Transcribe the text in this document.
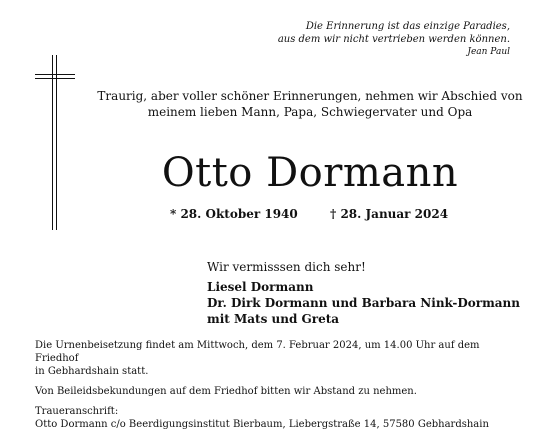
Die Erinnerung ist das einzige Paradies,
aus dem wir nicht vertrieben werden können.
Jean Paul
Traurig, aber voller schöner Erinnerungen, nehmen wir Abschied von
meinem lieben Mann, Papa, Schwiegervater und Opa
Otto Dormann
* 28. Oktober 1940	† 28. Januar 2024
Wir vermisssen dich sehr!
Liesel Dormann
Dr. Dirk Dormann und Barbara Nink-Dormann
mit Mats und Greta

Die Urnenbeisetzung findet am Mittwoch, dem 7. Februar 2024, um 14.00 Uhr auf dem Friedhof
in Gebhardshain statt.

Von Beileidsbekundungen auf dem Friedhof bitten wir Abstand zu nehmen.

Traueranschrift:
Otto Dormann c/o Beerdigungsinstitut Bierbaum, Liebergstraße 14, 57580 Gebhardshain
